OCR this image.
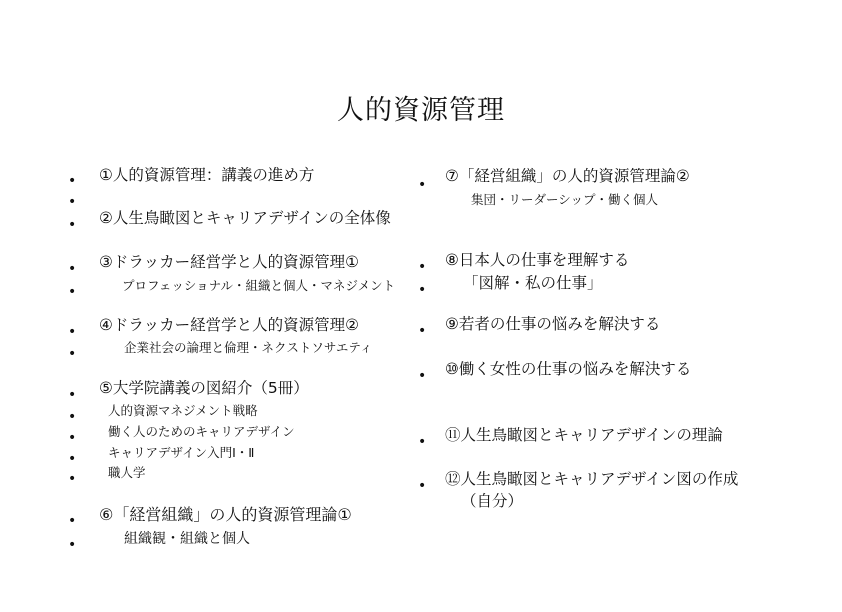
人的資源管理
• ①人的資源管理：講義の進め方
•
• ②人生鳥瞰図とキャリアデザインの全体像
• ③ドラッカー経営学と人的資源管理①
•	プロフェッショナル・組織と個人・マネジメント
• ④ドラッカー経営学と人的資源管理②
•	企業社会の論理と倫理・ネクストソサエティ
• ⑤大学院講義の図紹介（5冊）
•	人的資源マネジメント戦略
•	働く人のためのキャリアデザイン
•	キャリアデザイン入門Ⅰ・Ⅱ
•	職人学
• ⑥「経営組織」の人的資源管理論①
•	組織観・組織と個人
• ⑦「経営組織」の人的資源管理論②
集団・リーダーシップ・働く個人
• ⑧日本人の仕事を理解する
• 「図解・私の仕事」
• ⑨若者の仕事の悩みを解決する
• ⑩働く女性の仕事の悩みを解決する
• ⑪人生鳥瞰図とキャリアデザインの理論
• ⑫人生鳥瞰図とキャリアデザイン図の作成
（自分）
